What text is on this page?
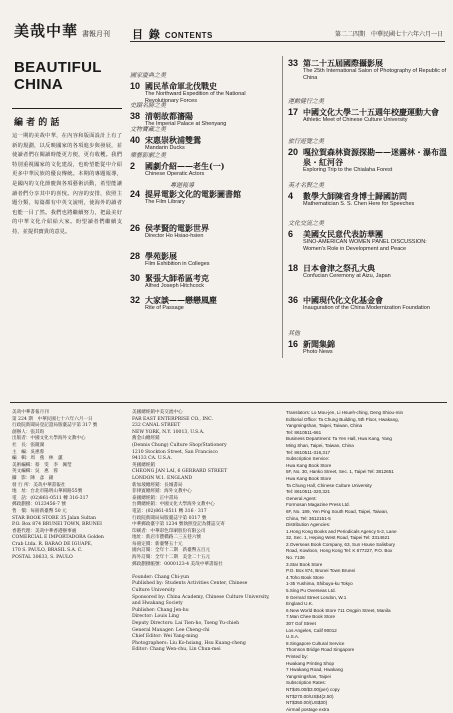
美哉中華 書報月刊
BEAUTIFUL CHINA
目 錄 CONTENTS	第二二四期　中華民國七十六年六月一日
編 者 的 話
這一期的美哉中華，在內容和版面設計上有了新的規劃，以反映國家的各項進步與發展，並使讀者們在閱讀時能更方便，更有收穫。我們特別重視國家的文化建設，也盼望能從中介紹更多中華民族的優良傳統。本期的專題報導，是國內的文化節慶與各項藝術活動，希望能讓讀者們分享其中的喜悅。內容的安排，依照主題分類，每篇都有中英文說明，使海外的讀者也能一目了然。我們也將繼續努力，把最美好的中華文化介紹給大家。盼望讀者們繼續支持，並提供寶貴的意見。
國家慶典之美
10 國民革命軍北伐戰史
The Northward Expedition of the National Revolutionary Forces
史蹟名勝之美
38 清朝故都瀋陽
The Imperial Palace at Shenyang
文物寶藏之美
40 宋惠崇秋浦雙鴛
Mandarin Ducks
樂藝影劇之美
2 國劇介紹——老生(一)
Chinese Operatic Actors
專題報導
24 提昇電影文化的電影圖書館
The Film Library
26 侯孝賢的電影世界
Director Ho Hsiao-hsien
28 學苑影展
Film Exhibition in Colleges
30 緊張大師希區考克
Alfred Joseph Hitchcock
32 大家談——戀戀風塵
Rite of Passage
33 第二十五屆國際攝影展
The 25th International Salon of Photography of Republic of China
運動健行之美
17 中國文化大學二十五週年校慶運動大會
Athletic Meet of Chinese Culture University
旅行遊覽之美
20 嘎拉賀森林資源探勘——迷霧林・瀑布溫泉・紅河谷
Exploring Trip to the Chialaha Forest
英才名賢之美
4 數學大師陳省身博士歸國訪問
Mathematician S. S. Chen Here for Speeches
文化交流之美
6 美國女民意代表訪華團
SINO-AMERICAN WOMEN PANEL DISCUSSION: Women's Role in Development and Peace
18 日本會津之祭孔大典
Confucian Ceremony at Aizu, Japan
36 中國現代化文化基金會
Inauguration of the China Modernization Foundation
其他
16 新聞集錦
Photo News
美哉中華書報月刊
第 224 期　中華民國七十六年六月一日
行政院新聞局登記證局版臺誌字第 317 號
創辦人：張其昀
出版者：中國文化大學海外文教中心
社　長：張鏡湖
主　編：吳惠蓉
編　輯：周　燕　林　蕙
美術編輯：蔡　雯　李　佩瑩
英文編輯：吳　惠　蓉
攝　影：陳　彥　錦
發 行 所：美哉中華書報社
地　址：台北市陽明山華岡路55號
電　話：(02)861-0511 轉 316-317
郵政劃撥：0123456-7 號
售　價：每冊新臺幣 50 元
STAR BOOK STORE 35 Jalan Sultan
P.O. Box 874 BRUNEI TOWN, BRUNEI
香港代理：美哉中華香港辦事處
COMERCIAL E IMPORTADORA Golden
Crab Ltda. R. BARAO DE IGUAPE,
170 S. PAULO, BRASIL S.A. C.
POSTAL 30633, S. PAULO
美國總經銷中美交流中心
FAR EAST ENTERPRISE CO., INC.
232 CANAL STREET
NEW YORK, N.Y. 10013, U.S.A.
舊金山總經銷
(Dennis Chung) Culture Shop/Stationery
1210 Stockton Street, San Francisco
94133 CA. U.S.A.
英國總經銷
CHEONG JAN LAI, 6 GERRARD STREET
LONDON W.1. ENGLAND
新加坡總經銷：長城書局
菲律賓總經銷：海外文教中心
泰國總經銷：正中書局
台灣總經銷：中國文化大學海外文教中心
電話：(02)861-0511 轉 316 · 317
行政院新聞局局版臺誌字第 0317 號
中華郵政臺字第 1234 號執照登記為雜誌交寄
印刷者：中華彩色印刷股份有限公司
地址：新店市寶橋路二三五巷六號
每冊定價：新臺幣五十元
國內訂閱：全年十二期　新臺幣五百元
海外訂閱：全年十二期　美金二十五元
郵政劃撥帳號：0000123-4 美哉中華書報社

Founder: Chang Chi-yun
Published by: Students Activities Center, Chinese
Culture University
Sponsored by: China Academy, Chinese Culture University,
and Hwakang Society
Publisher: Chang Jen-hu
Director: Louis Ling
Deputy Directors: Lai Tien-ho, Tseng Yu-chieh
General Manager: Lee Cheng-chi
Chief Editor: Wei Yang-ming
Photographers: Liu Ko-hsiang, Hsu Kuang-cheng
Editor: Chang Wen-chu, Lin Chun-mei
Translators: Lo Mou-jen, Li Hsueh-ching, Deng Shiou-min
Editorial Office: Ta Chung Building, 5th Floor, Hwakang,
Yangmingshan, Taipei, Taiwan, China
Tel: 8610511-661
Business Department: Ta Yen Hall, Hwa Kang, Yang
Ming Shan, Taipei, Taiwan, China
Tel: 8610511-316,317
Subscription Service:
Hwa Kang Book Store
5F, No. 30, Hanko Street, Sec. 1, Taipei Tel: 3812651
Hwa Kang Book Store
Ta Chung Hall, Chinese Culture University
Tel: 8610511-320,321
General Agent:
Formosan Magazine Press Ltd.
6F, No. 189, Yen Ping South Road, Taipei, Taiwan,
China, Tel: 3612151-5
Distribution Agencies:
1.Hong Kong Books and Periodicals Agency 5-2, Lane
32, Sec. 1, Heping West Road, Taipei Tel: 3314621
2.Overseas Book Company, 63, Sun House Salisbury
Road, Kowloon, Hong Kong Tel: K 677227, P.O. Box
No. 7136
3.Star Book Store
P.O. Box 874, Brunei Town Brunei
4.Toho Book Store
1-35 Yushima, Shibuya-ku Tokyo
5.Sing Pu Overseas Ltd.
9 Gerrard Street London, W.1
England U.K.
6.New World Book Store 711 Ongpin Street, Manila
7.Man Chee Book Store
307 Gof Street
Los Angeles, Calif 90012
U.S.A.
8.Singapore Cultural Service
Thomson Bridge Road Singapore
Printed by:
Hwakang Printing Shop
7 Hwakang Road, Hwakang
Yangmingshan, Taipei
Subscription Rates:
NT$45.00/$3.00(per) copy
NT$270.00/US$4(2.50)
NT$350.00/(US$30)
Airmail postage extra
